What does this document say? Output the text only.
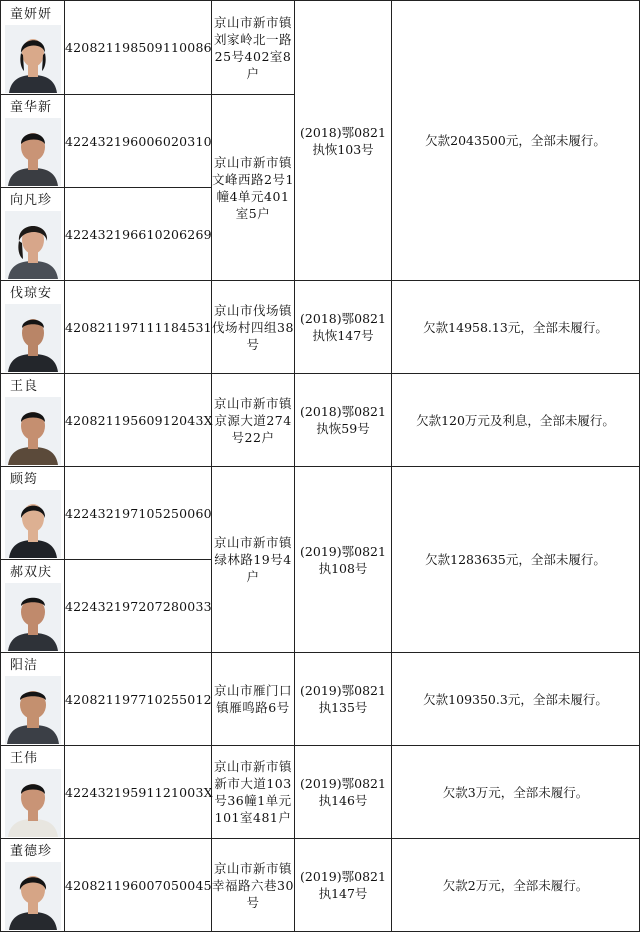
童妍妍	420821198509110086	京山市新市镇刘家岭北一路25号402室8户	(2018)鄂0821执恢103号	欠款2043500元，全部未履行。

童华新	422432196006020310	京山市新市镇文峰西路2号1幢4单元401室5户		

向凡珍	422432196610206269			

伐琼安	420821197111184531	京山市伐场镇伐场村四组38号	(2018)鄂0821执恢147号	欠款14958.13元，全部未履行。

王良	42082119560912043X	京山市新市镇京源大道274号22户	(2018)鄂0821执恢59号	欠款120万元及利息，全部未履行。

顾筠	422432197105250060	京山市新市镇绿林路19号4户	(2019)鄂0821执108号	欠款1283635元，全部未履行。

郝双庆	422432197207280033			

阳洁	420821197710255012	京山市雁门口镇雁鸣路6号	(2019)鄂0821执135号	欠款109350.3元，全部未履行。

王伟	42243219591121003X	京山市新市镇新市大道103号36幢1单元101室481户	(2019)鄂0821执146号	欠款3万元，全部未履行。

董德珍	420821196007050045	京山市新市镇幸福路六巷30号	(2019)鄂0821执147号	欠款2万元，全部未履行。
